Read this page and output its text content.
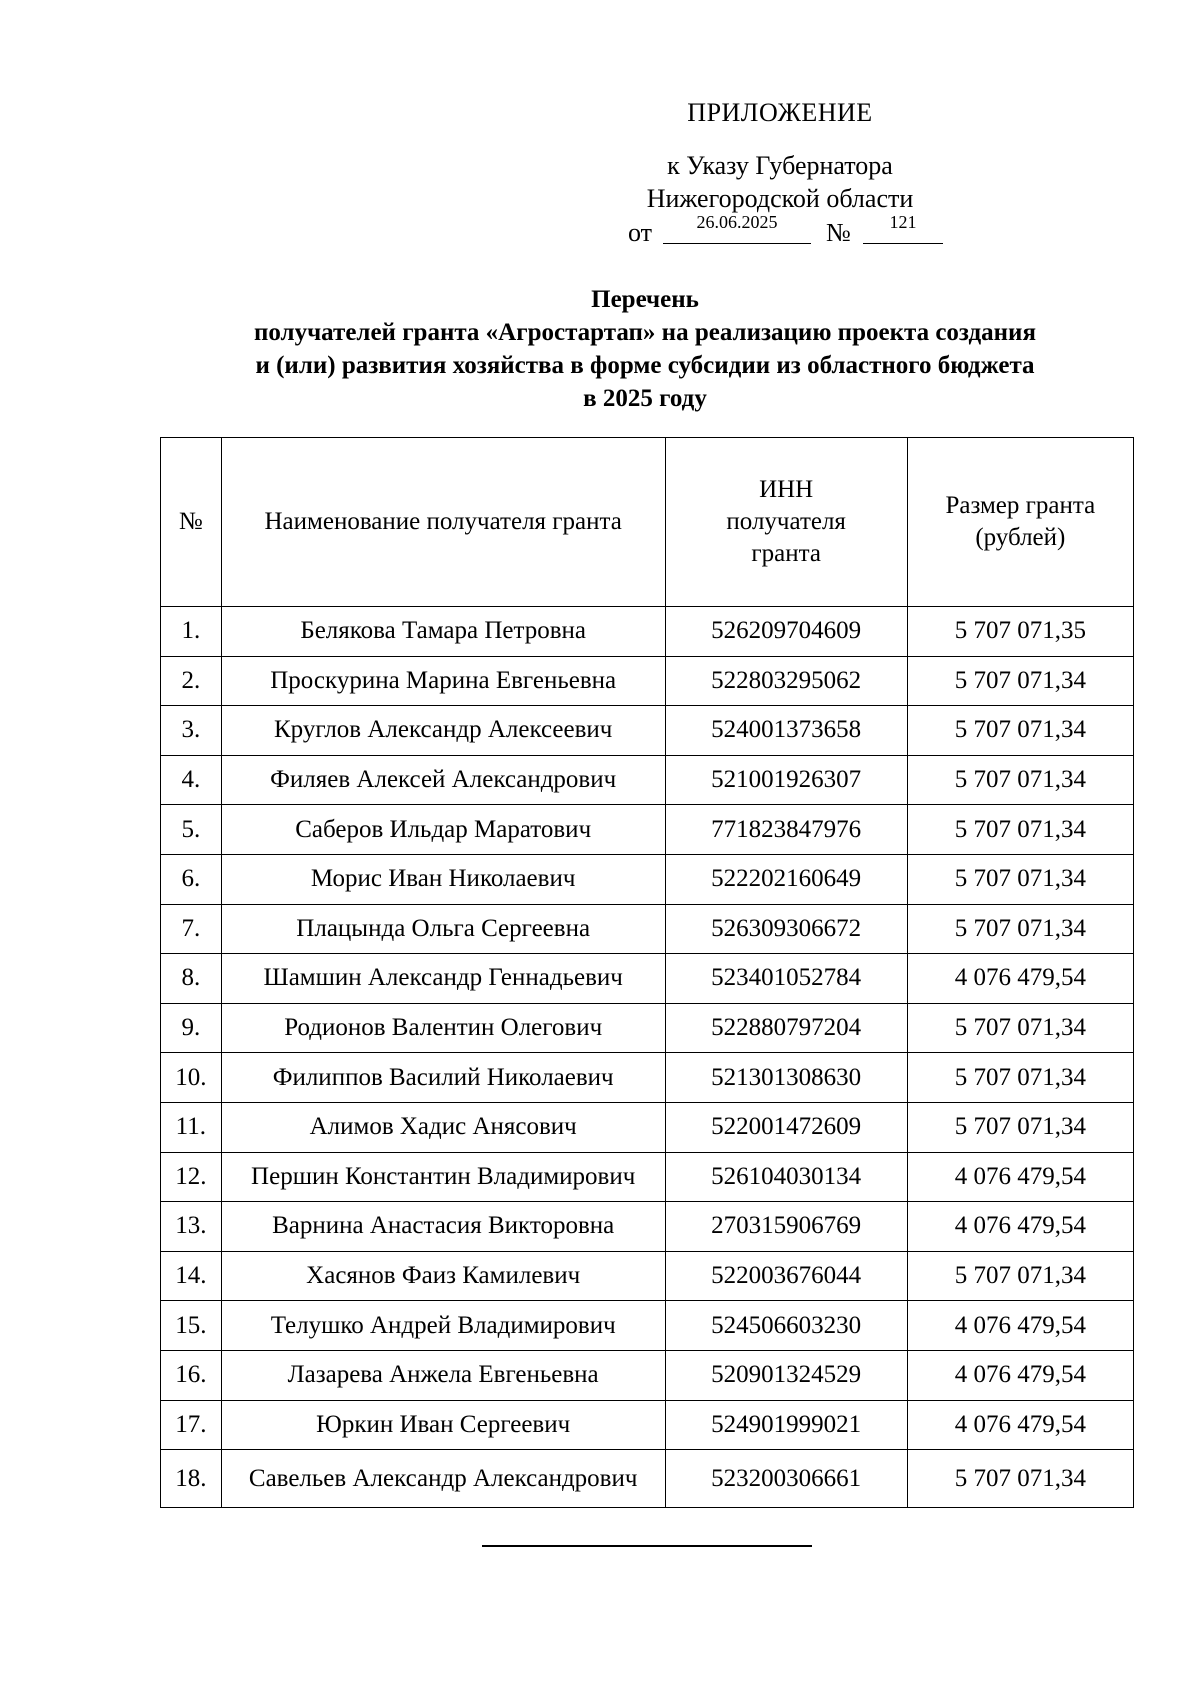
ПРИЛОЖЕНИЕ
к Указу Губернатора
Нижегородской области
от	26.06.2025	№	121
Перечень
получателей гранта «Агростартап» на реализацию проекта создания
и (или) развития хозяйства в форме субсидии из областного бюджета
в 2025 году
№	Наименование получателя гранта	ИНН получателя гранта	Размер гранта (рублей)

1.	Белякова Тамара Петровна	526209704609	5 707 071,35
2.	Проскурина Марина Евгеньевна	522803295062	5 707 071,34
3.	Круглов Александр Алексеевич	524001373658	5 707 071,34
4.	Филяев Алексей Александрович	521001926307	5 707 071,34
5.	Саберов Ильдар Маратович	771823847976	5 707 071,34
6.	Морис Иван Николаевич	522202160649	5 707 071,34
7.	Плацында Ольга Сергеевна	526309306672	5 707 071,34
8.	Шамшин Александр Геннадьевич	523401052784	4 076 479,54
9.	Родионов Валентин Олегович	522880797204	5 707 071,34
10.	Филиппов Василий Николаевич	521301308630	5 707 071,34
11.	Алимов Хадис Анясович	522001472609	5 707 071,34
12.	Першин Константин Владимирович	526104030134	4 076 479,54
13.	Варнина Анастасия Викторовна	270315906769	4 076 479,54
14.	Хасянов Фаиз Камилевич	522003676044	5 707 071,34
15.	Телушко Андрей Владимирович	524506603230	4 076 479,54
16.	Лазарева Анжела Евгеньевна	520901324529	4 076 479,54
17.	Юркин Иван Сергеевич	524901999021	4 076 479,54
18.	Савельев Александр Александрович	523200306661	5 707 071,34
